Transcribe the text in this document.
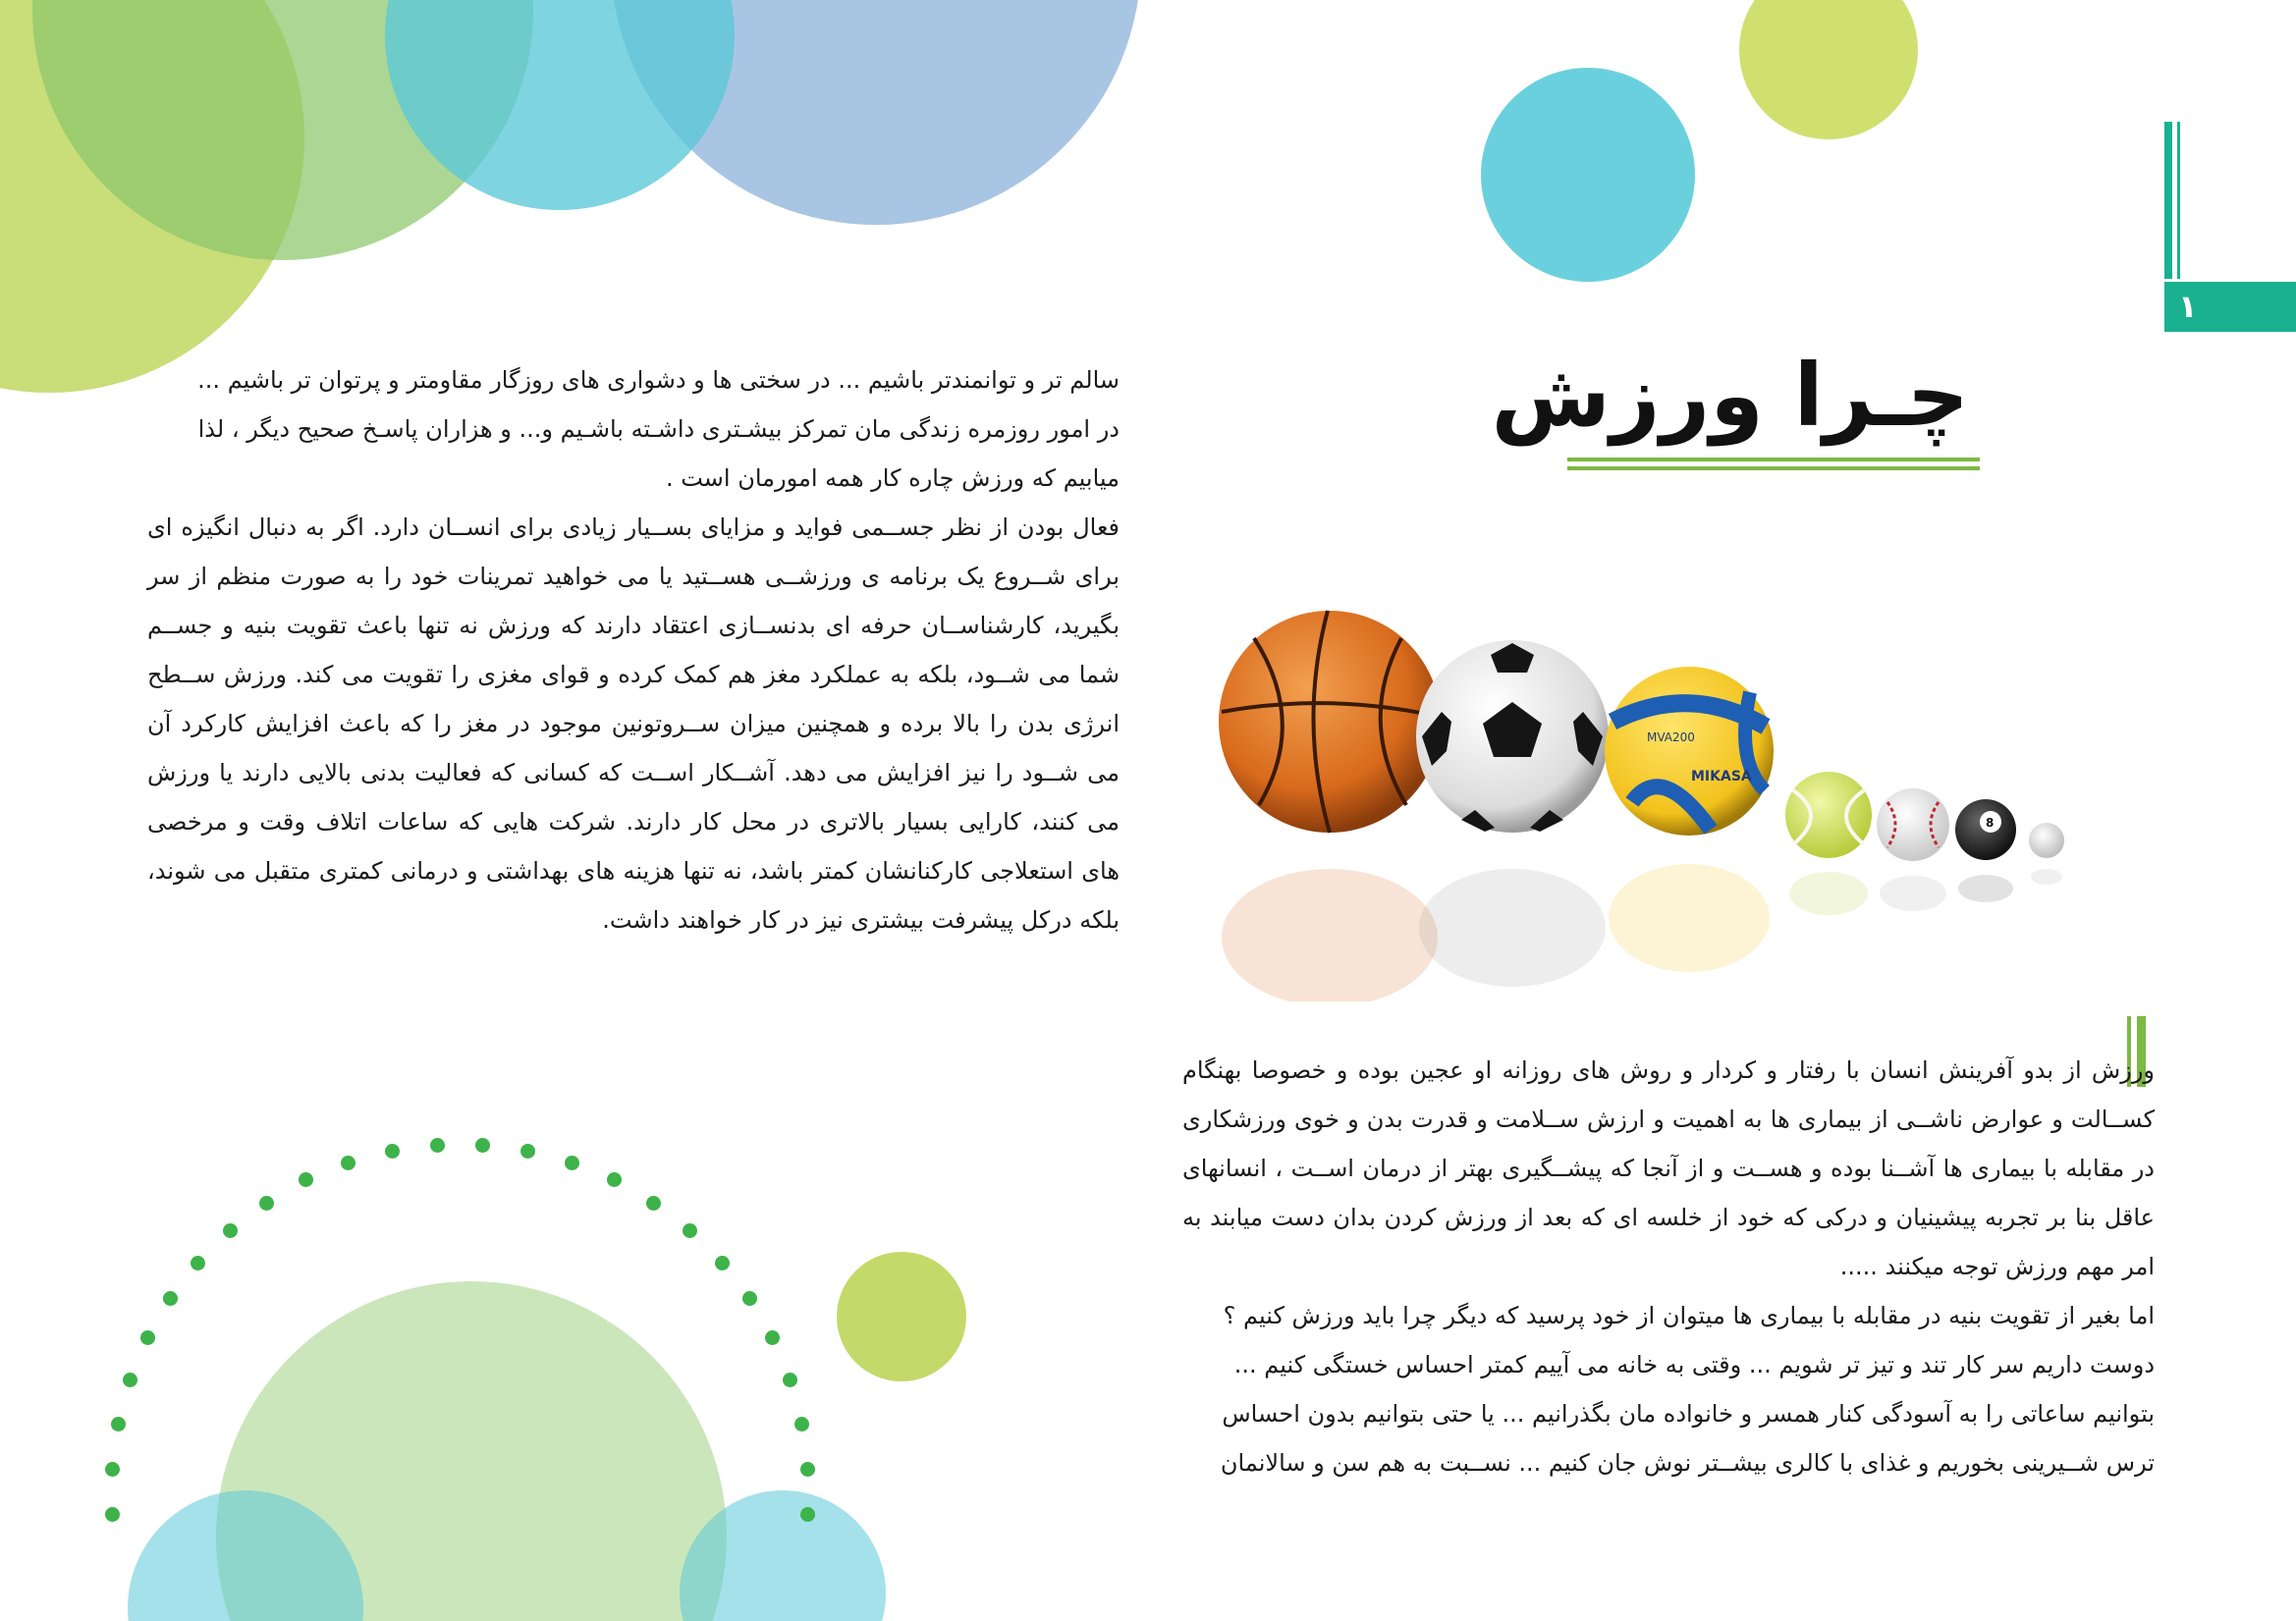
۱
چـرا ورزش
MVA200
MIKASA
8

سالم تر و توانمندتر باشیم ... در سختی ها و دشواری های روزگار مقاومتر و پرتوان تر باشیم ...

در امور روزمره زندگی مان تمرکز بیشـتری داشـته باشـیم و... و هزاران پاسـخ صحیح دیگر ، لذا

میابیم که ورزش چاره کار همه امورمان است .

فعال بودن از نظر جســمی فواید و مزایای بســیار زیادی برای انســان دارد. اگر به دنبال انگیزه ای برای شــروع یک برنامه ی ورزشــی هســتید یا می خواهید تمرینات خود را به صورت منظم از سر بگیرید، کارشناســان حرفه ای بدنســازی اعتقاد دارند که ورزش نه تنها باعث تقویت بنیه و جســم شما می شــود، بلکه به عملکرد مغز هم کمک کرده و قوای مغزی را تقویت می کند. ورزش ســطح انرژی بدن را بالا برده و همچنین میزان ســروتونین موجود در مغز را که باعث افزایش کارکرد آن می شــود را نیز افزایش می دهد. آشــکار اســت که کسانی که فعالیت بدنی بالایی دارند یا ورزش می کنند، کارایی بسیار بالاتری در محل کار دارند. شرکت هایی که ساعات اتلاف وقت و مرخصی های استعلاجی کارکنانشان کمتر باشد، نه تنها هزینه های بهداشتی و درمانی کمتری متقبل می شوند، بلکه درکل پیشرفت بیشتری نیز در کار خواهند داشت.

ورزش از بدو آفرینش انسان با رفتار و کردار و روش های روزانه او عجین بوده و خصوصا بهنگام کســالت و عوارض ناشــی از بیماری ها به اهمیت و ارزش ســلامت و قدرت بدن و خوی ورزشکاری در مقابله با بیماری ها آشــنا بوده و هســت و از آنجا که پیشــگیری بهتر از درمان اســت ، انسانهای عاقل بنا بر تجربه پیشینیان و درکی که خود از خلسه ای که بعد از ورزش کردن بدان دست میابند به امر مهم ورزش توجه میکنند .....

اما بغیر از تقویت بنیه در مقابله با بیماری ها میتوان از خود پرسید که دیگر چرا باید ورزش کنیم ؟

دوست داریم سر کار تند و تیز تر شویم ... وقتی به خانه می آییم کمتر احساس خستگی کنیم ...

بتوانیم ساعاتی را به آسودگی کنار همسر و خانواده مان بگذرانیم ... یا حتی بتوانیم بدون احساس

ترس شــیرینی بخوریم و غذای با کالری بیشــتر نوش جان کنیم ... نســبت به هم سن و سالانمان
